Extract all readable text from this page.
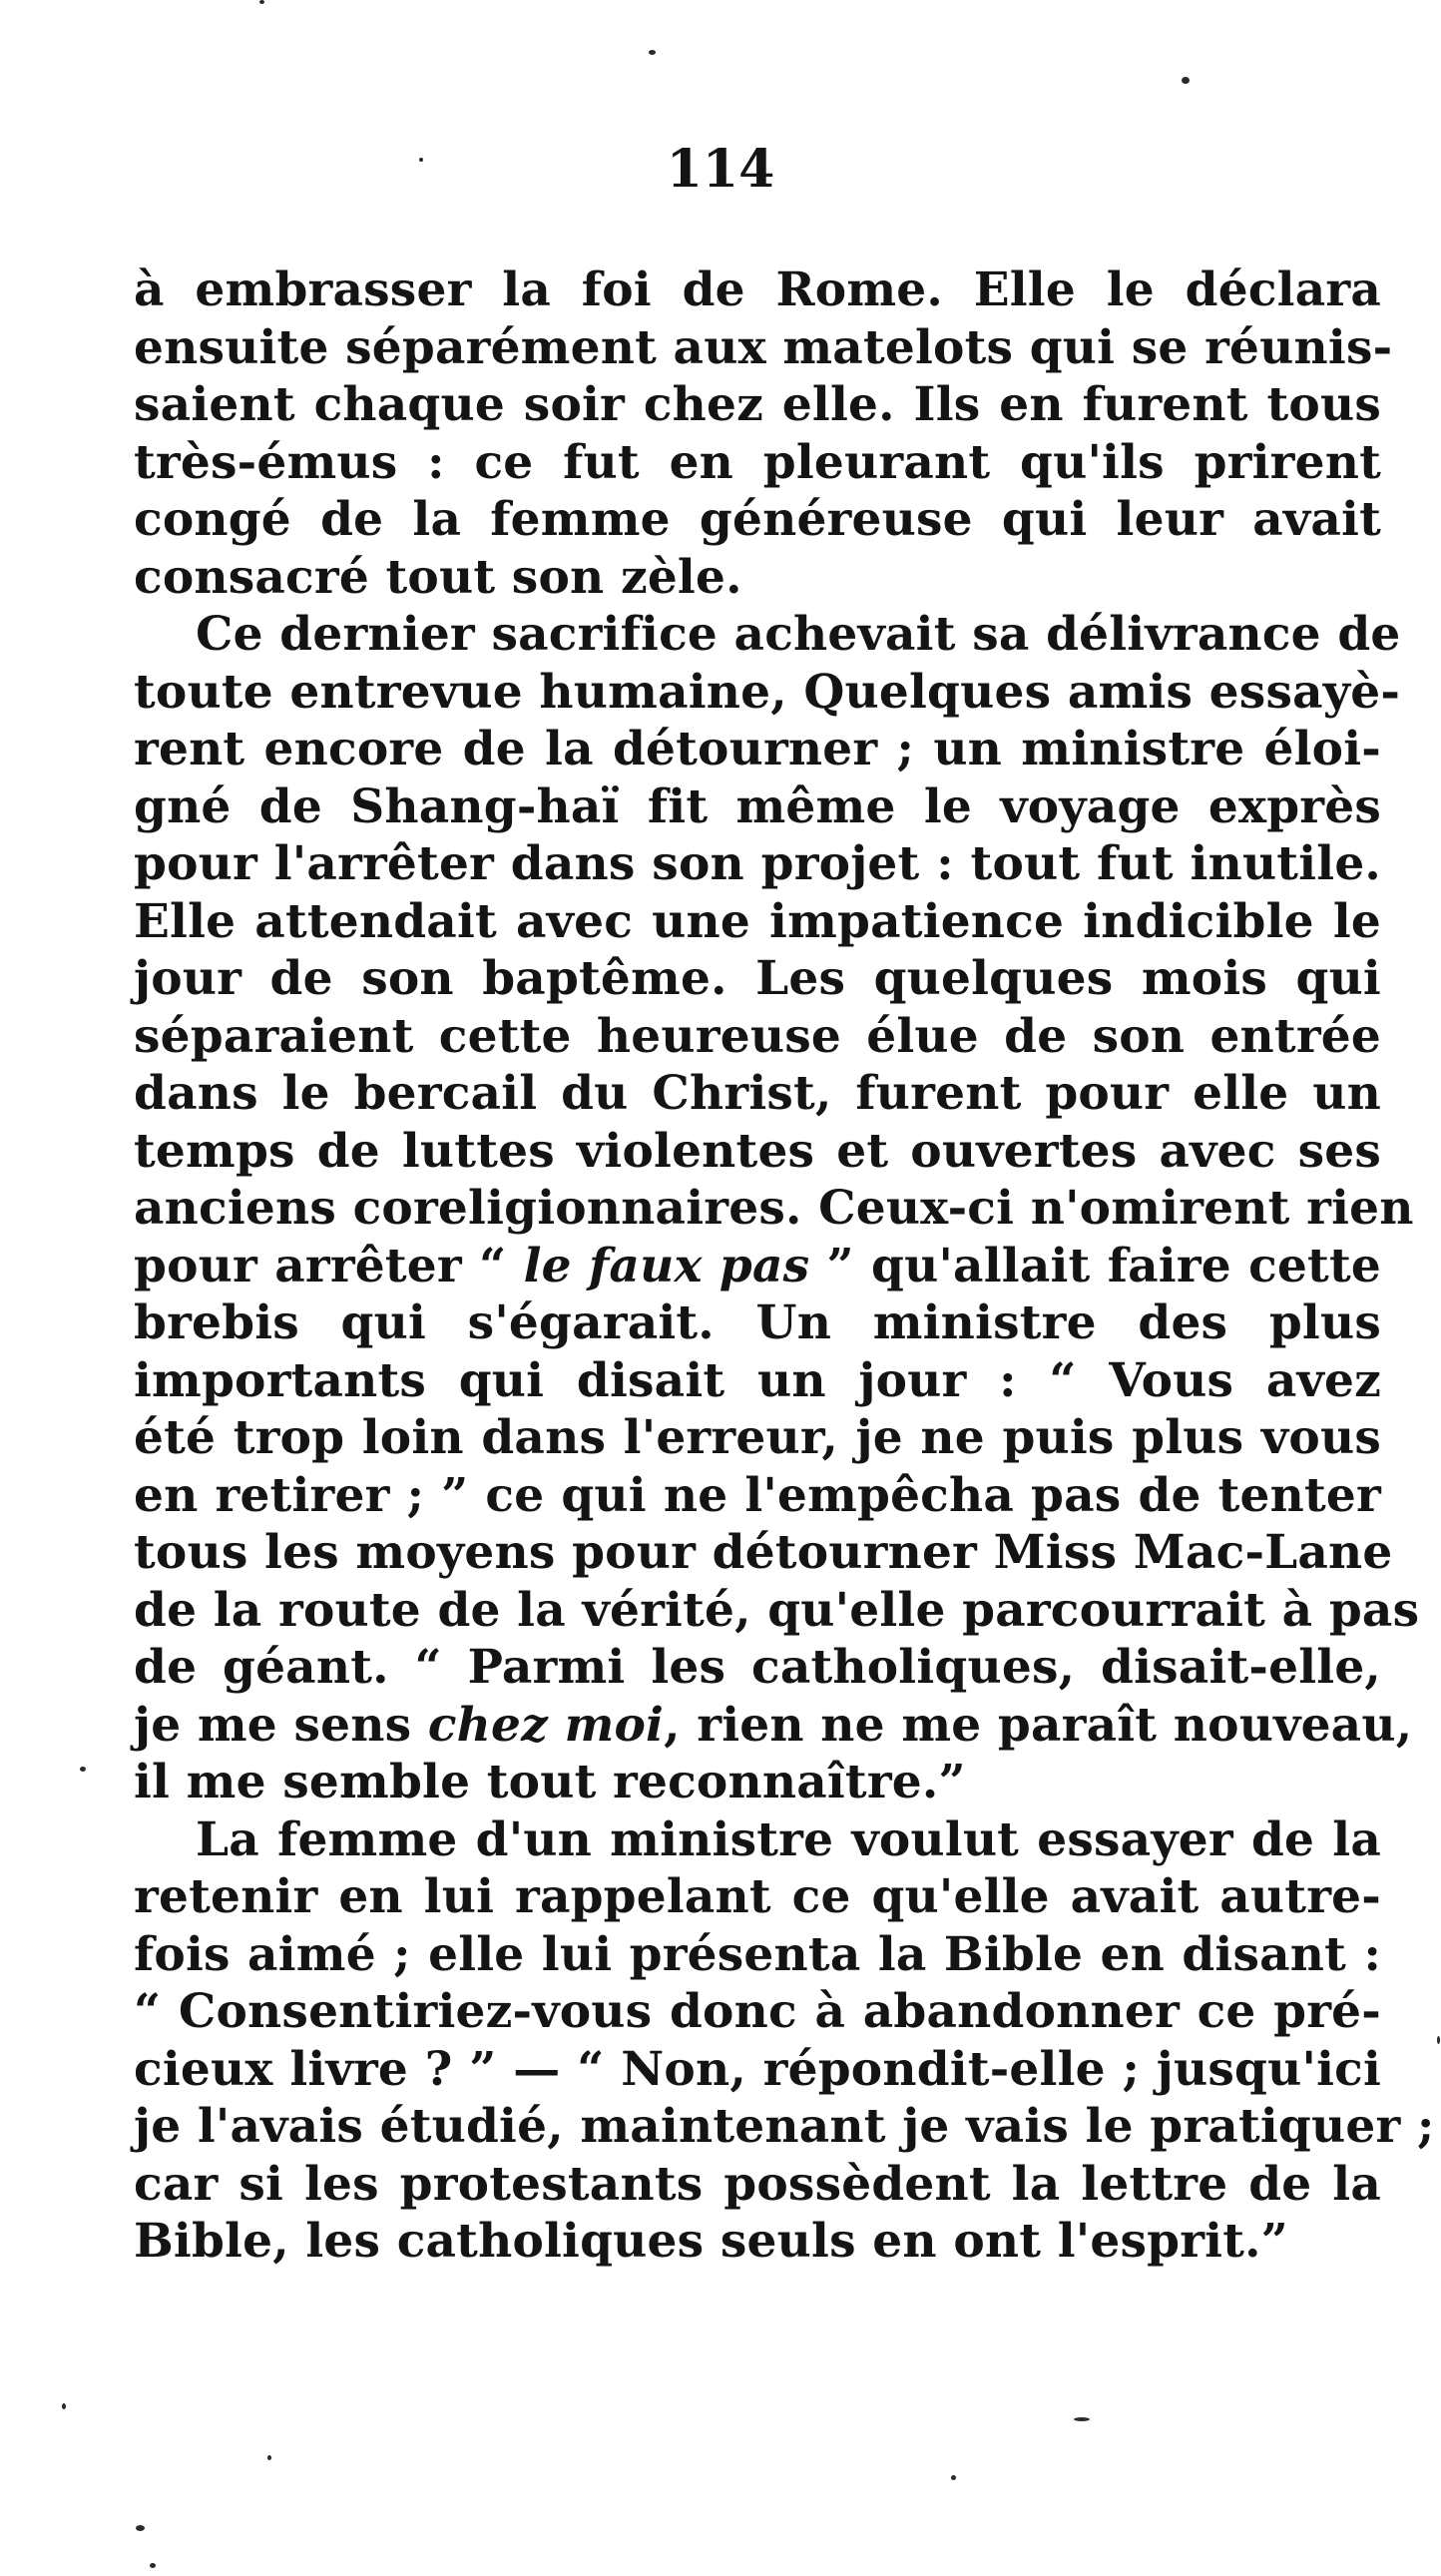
114
à embrasser la foi de Rome. Elle le déclara
ensuite séparément aux matelots qui se réunis-
saient chaque soir chez elle. Ils en furent tous
très-émus : ce fut en pleurant qu'ils prirent
congé de la femme généreuse qui leur avait
consacré tout son zèle.
Ce dernier sacrifice achevait sa délivrance de
toute entrevue humaine, Quelques amis essayè-
rent encore de la détourner ; un ministre éloi-
gné de Shang-haï fit même le voyage exprès
pour l'arrêter dans son projet : tout fut inutile.
Elle attendait avec une impatience indicible le
jour de son baptême. Les quelques mois qui
séparaient cette heureuse élue de son entrée
dans le bercail du Christ, furent pour elle un
temps de luttes violentes et ouvertes avec ses
anciens coreligionnaires. Ceux-ci n'omirent rien
pour arrêter “ le faux pas ” qu'allait faire cette
brebis qui s'égarait. Un ministre des plus
importants qui disait un jour : “ Vous avez
été trop loin dans l'erreur, je ne puis plus vous
en retirer ; ” ce qui ne l'empêcha pas de tenter
tous les moyens pour détourner Miss Mac-Lane
de la route de la vérité, qu'elle parcourrait à pas
de géant. “ Parmi les catholiques, disait-elle,
je me sens chez moi, rien ne me paraît nouveau,
il me semble tout reconnaître.”
La femme d'un ministre voulut essayer de la
retenir en lui rappelant ce qu'elle avait autre-
fois aimé ; elle lui présenta la Bible en disant :
“ Consentiriez-vous donc à abandonner ce pré-
cieux livre ? ” — “ Non, répondit-elle ; jusqu'ici
je l'avais étudié, maintenant je vais le pratiquer ;
car si les protestants possèdent la lettre de la
Bible, les catholiques seuls en ont l'esprit.”
